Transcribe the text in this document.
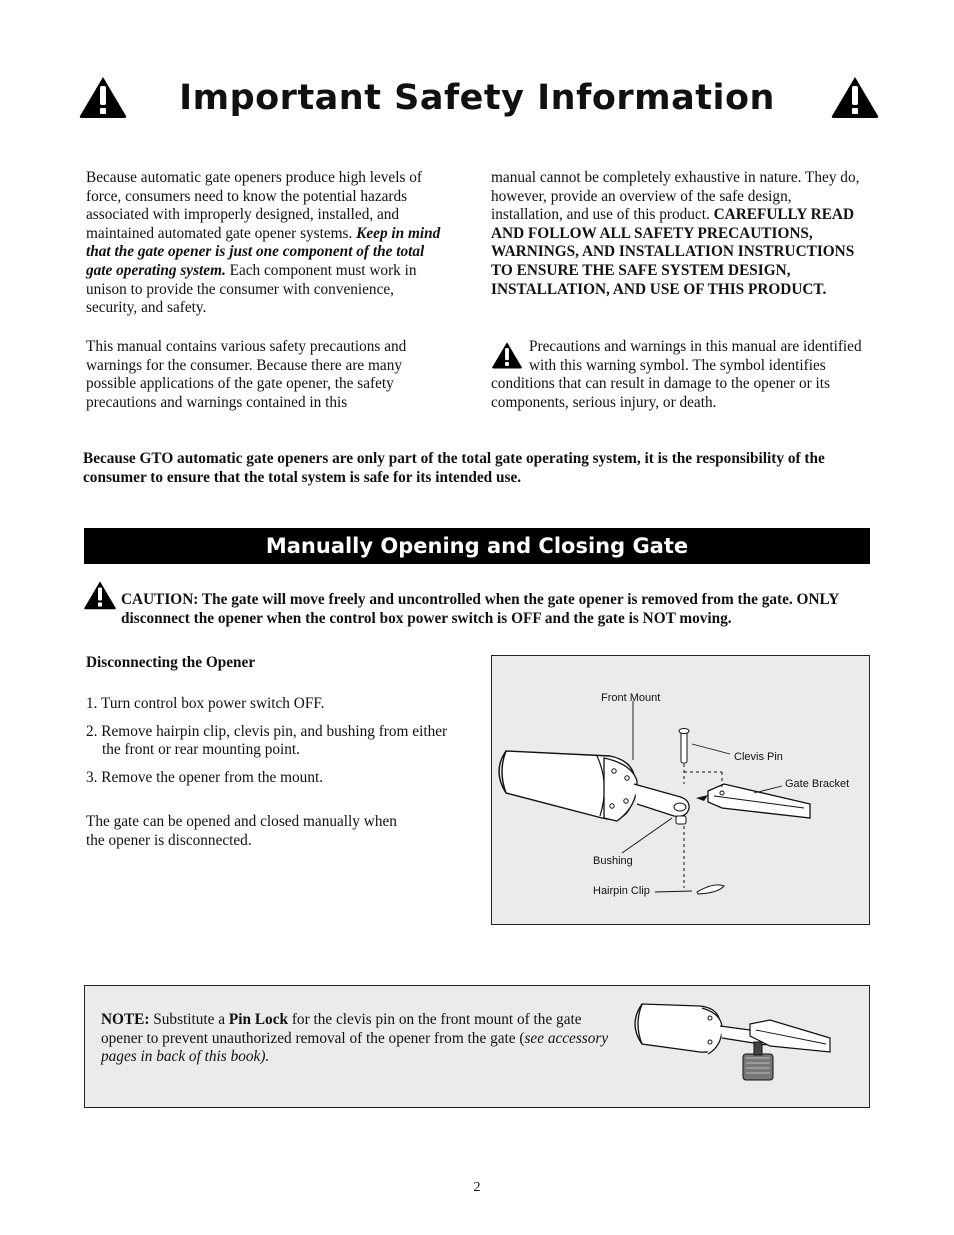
Important Safety Information
Because automatic gate openers produce high levels of force, consumers need to know the potential hazards associated with improperly designed, installed, and maintained automated gate opener systems. Keep in mind that the gate opener is just one component of the total gate operating system. Each component must work in unison to provide the consumer with convenience, security, and safety.
This manual contains various safety precautions and warnings for the consumer. Because there are many possible applications of the gate opener, the safety precautions and warnings contained in this
manual cannot be completely exhaustive in nature. They do, however, provide an overview of the safe design, installation, and use of this product. CAREFULLY READ AND FOLLOW ALL SAFETY PRECAUTIONS, WARNINGS, AND INSTALLATION INSTRUCTIONS TO ENSURE THE SAFE SYSTEM DESIGN, INSTALLATION, AND USE OF THIS PRODUCT.
Precautions and warnings in this manual are identified with this warning symbol. The symbol identifies conditions that can result in damage to the opener or its components, serious injury, or death.
Because GTO automatic gate openers are only part of the total gate operating system, it is the responsibility of the consumer to ensure that the total system is safe for its intended use.
Manually Opening and Closing Gate
CAUTION: The gate will move freely and uncontrolled when the gate opener is removed from the gate. ONLY disconnect the opener when the control box power switch is OFF and the gate is NOT moving.
Disconnecting the Opener
1. Turn control box power switch OFF.
2. Remove hairpin clip, clevis pin, and bushing from either the front or rear mounting point.
3. Remove the opener from the mount.
The gate can be opened and closed manually when the opener is disconnected.
Front Mount
Clevis Pin
Gate Bracket
Bushing
Hairpin Clip
NOTE: Substitute a Pin Lock for the clevis pin on the front mount of the gate opener to prevent unauthorized removal of the opener from the gate (see accessory pages in back of this book).
2
